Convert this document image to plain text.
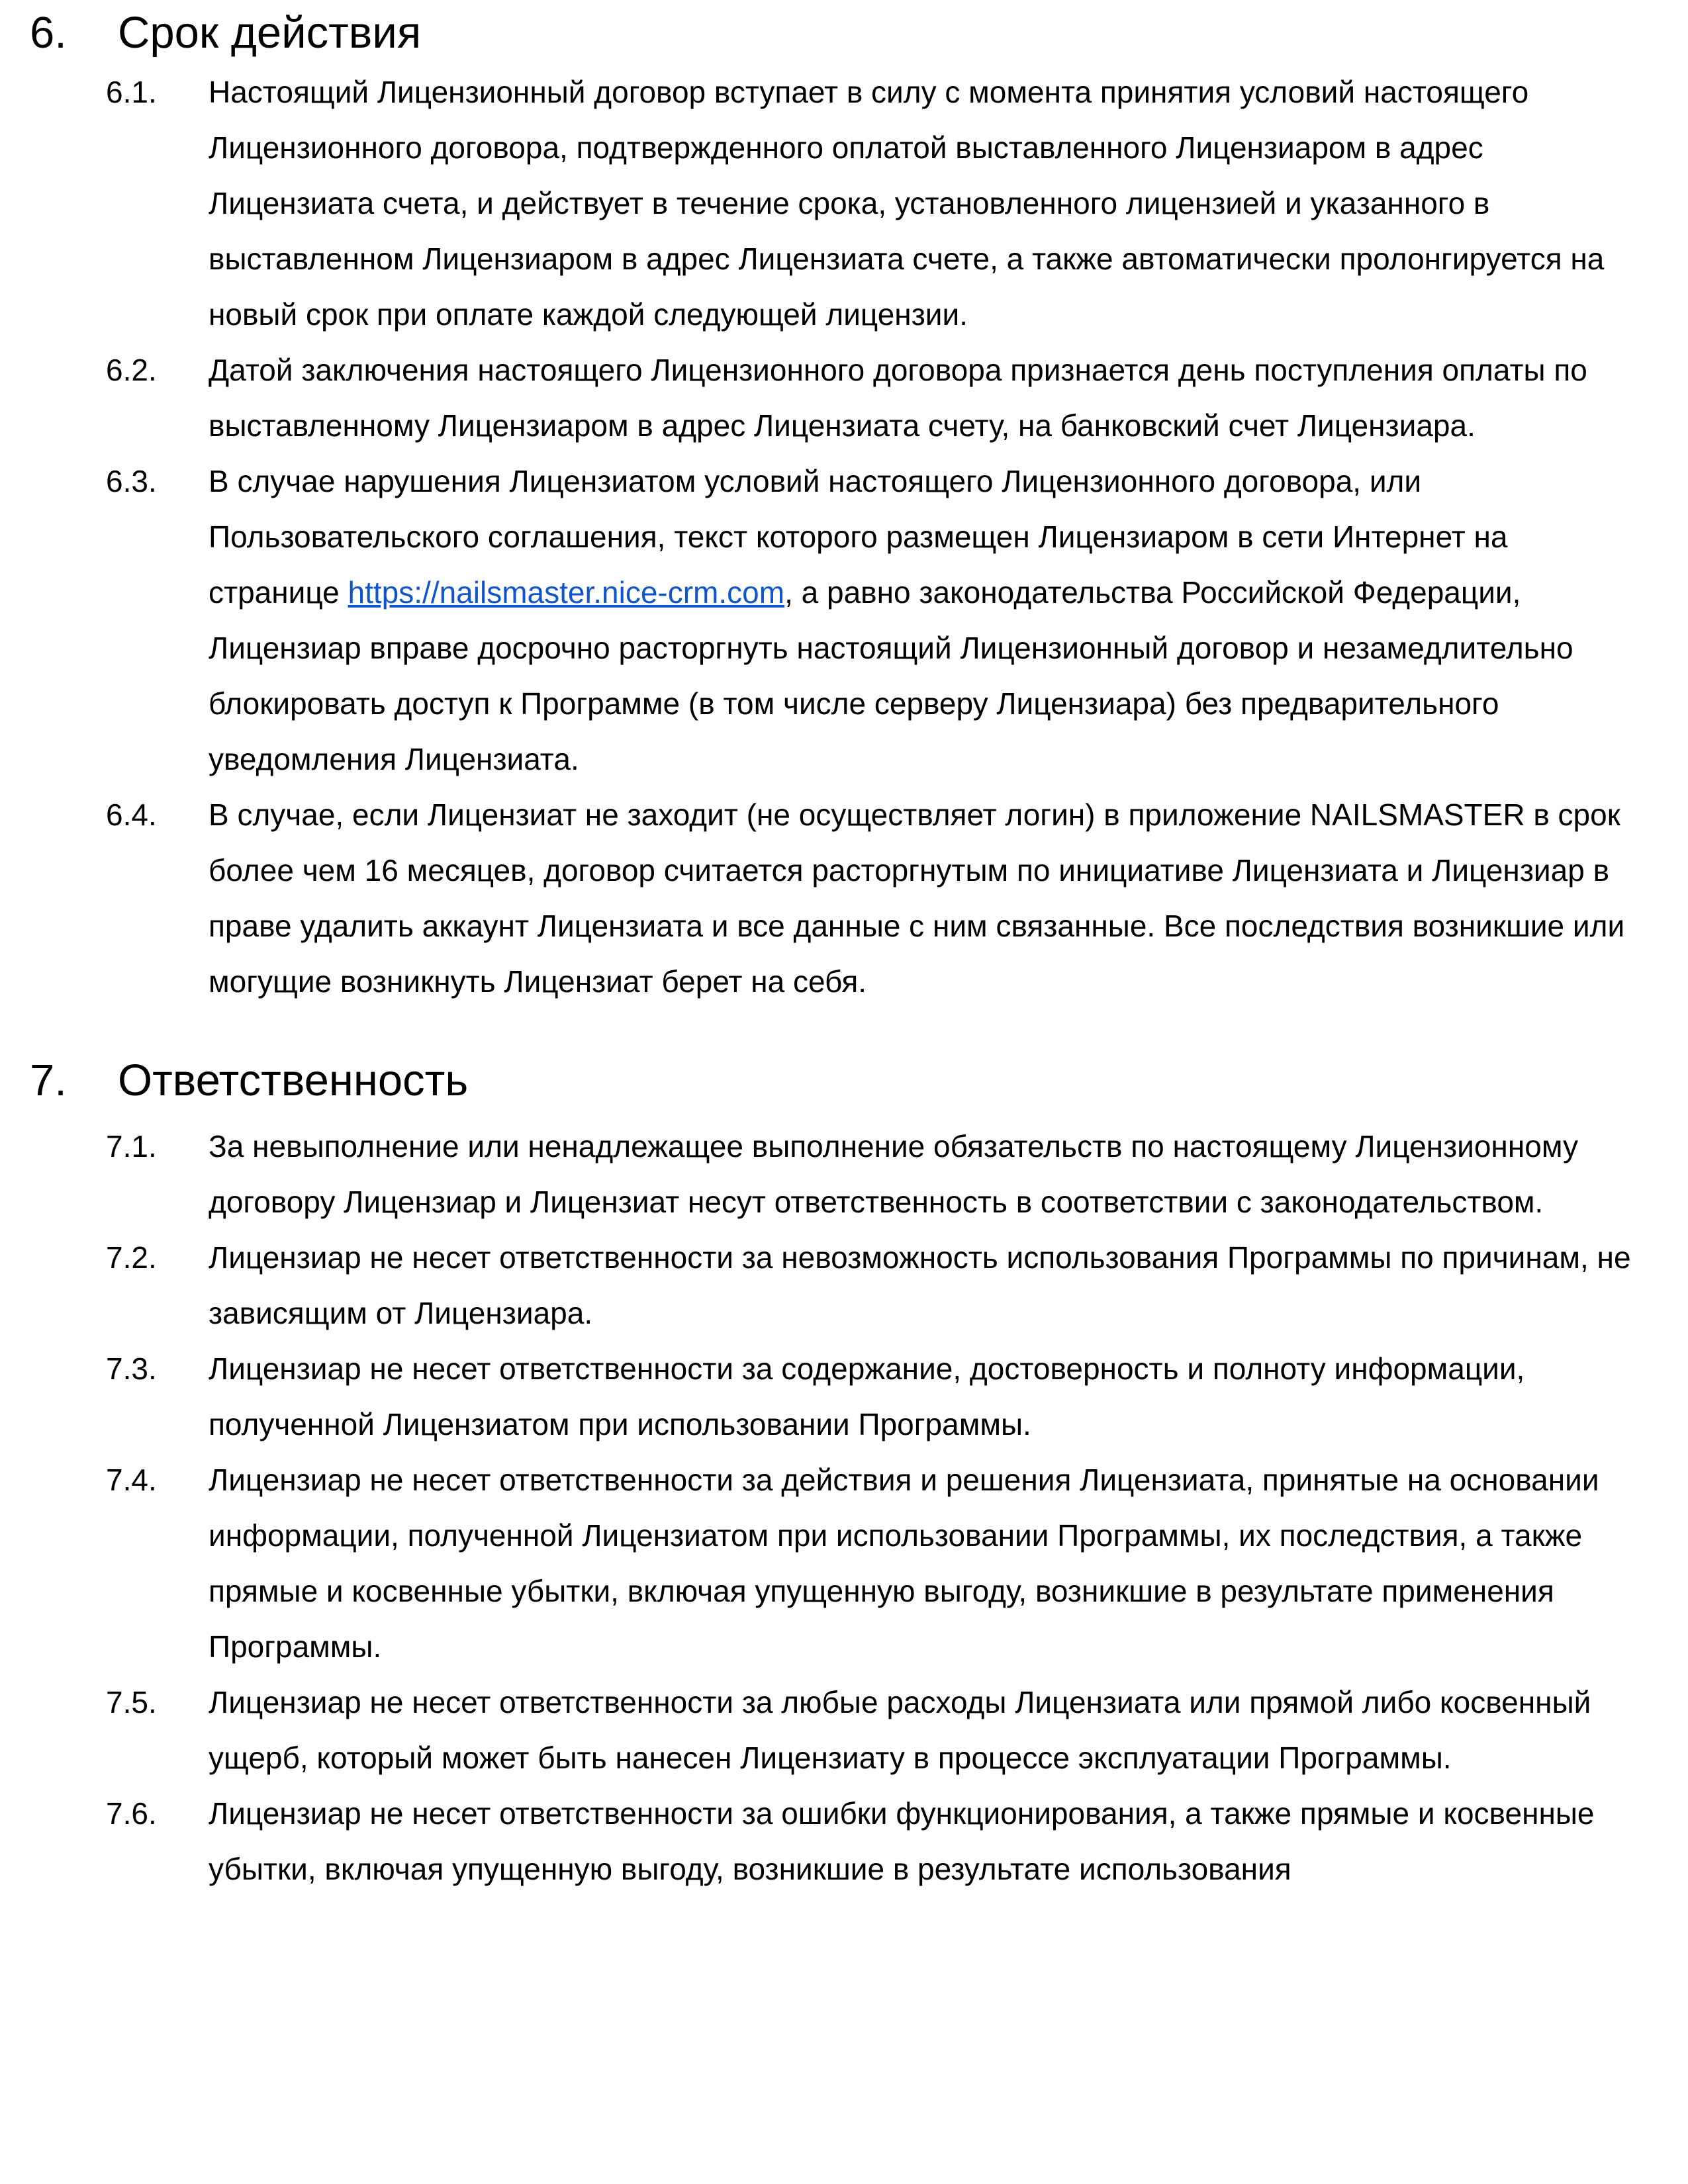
6.	Срок действия
6.1.	Настоящий Лицензионный договор вступает в силу с момента принятия условий настоящего Лицензионного договора, подтвержденного оплатой выставленного Лицензиаром в адрес Лицензиата счета, и действует в течение срока, установленного лицензией и указанного в выставленном Лицензиаром в адрес Лицензиата счете, а также автоматически пролонгируется на новый срок при оплате каждой следующей лицензии.
6.2.	Датой заключения настоящего Лицензионного договора признается день поступления оплаты по выставленному Лицензиаром в адрес Лицензиата счету, на банковский счет Лицензиара.
6.3.	В случае нарушения Лицензиатом условий настоящего Лицензионного договора, или Пользовательского соглашения, текст которого размещен Лицензиаром в сети Интернет на странице https://nailsmaster.nice-crm.com, а равно законодательства Российской Федерации, Лицензиар вправе досрочно расторгнуть настоящий Лицензионный договор и незамедлительно блокировать доступ к Программе (в том числе серверу Лицензиара) без предварительного уведомления Лицензиата.
6.4.	В случае, если Лицензиат не заходит (не осуществляет логин) в приложение NAILSMASTER в срок более чем 16 месяцев, договор считается расторгнутым по инициативе Лицензиата и Лицензиар в праве удалить аккаунт Лицензиата и все данные с ним связанные. Все последствия возникшие или могущие возникнуть Лицензиат берет на себя.
7.	Ответственность
7.1.	За невыполнение или ненадлежащее выполнение обязательств по настоящему Лицензионному договору Лицензиар и Лицензиат несут ответственность в соответствии с законодательством.
7.2.	Лицензиар не несет ответственности за невозможность использования Программы по причинам, не зависящим от Лицензиара.
7.3.	Лицензиар не несет ответственности за содержание, достоверность и полноту информации, полученной Лицензиатом при использовании Программы.
7.4.	Лицензиар не несет ответственности за действия и решения Лицензиата, принятые на основании информации, полученной Лицензиатом при использовании Программы, их последствия, а также прямые и косвенные убытки, включая упущенную выгоду, возникшие в результате применения Программы.
7.5.	Лицензиар не несет ответственности за любые расходы Лицензиата или прямой либо косвенный ущерб, который может быть нанесен Лицензиату в процессе эксплуатации Программы.
7.6.	Лицензиар не несет ответственности за ошибки функционирования, а также прямые и косвенные убытки, включая упущенную выгоду, возникшие в результате использования
